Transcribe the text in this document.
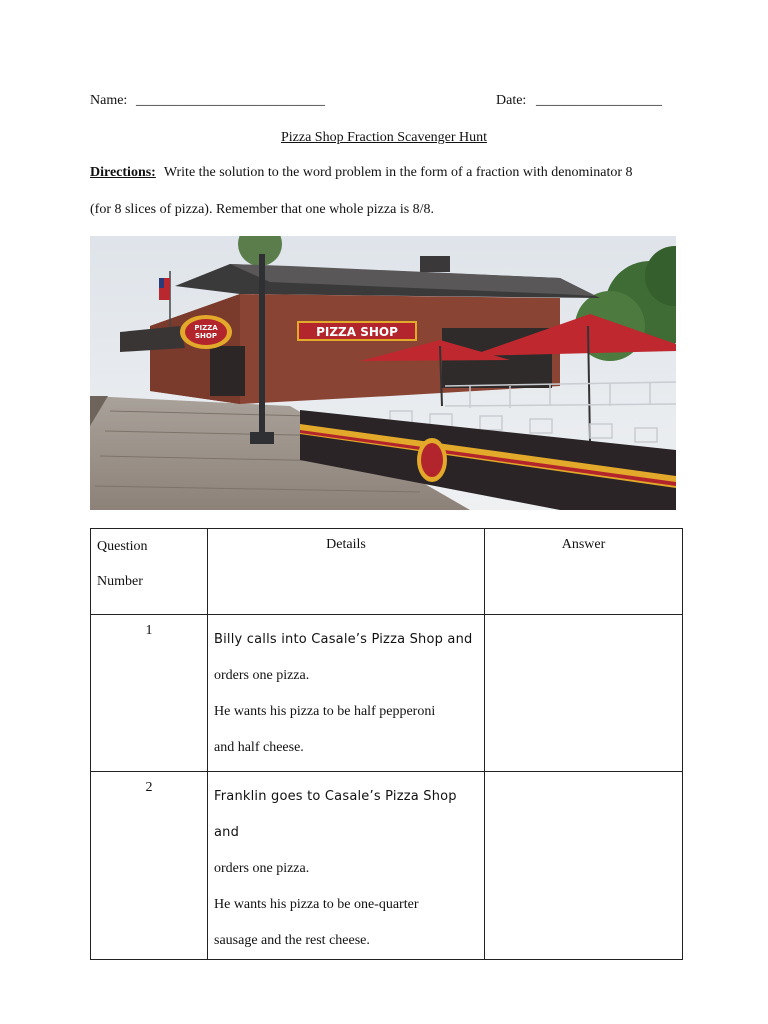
Name: ___________________________	Date: __________________
Pizza Shop Fraction Scavenger Hunt
Directions: Write the solution to the word problem in the form of a fraction with denominator 8
(for 8 slices of pizza). Remember that one whole pizza is 8/8.
PIZZA SHOP
PIZZA
SHOP
Question
Number	Details	Answer

1	Billy calls into Casale’s Pizza Shop and
orders one pizza.
He wants his pizza to be half pepperoni
and half cheese.	

2	Franklin goes to Casale’s Pizza Shop and
orders one pizza.
He wants his pizza to be one-quarter
sausage and the rest cheese.	
